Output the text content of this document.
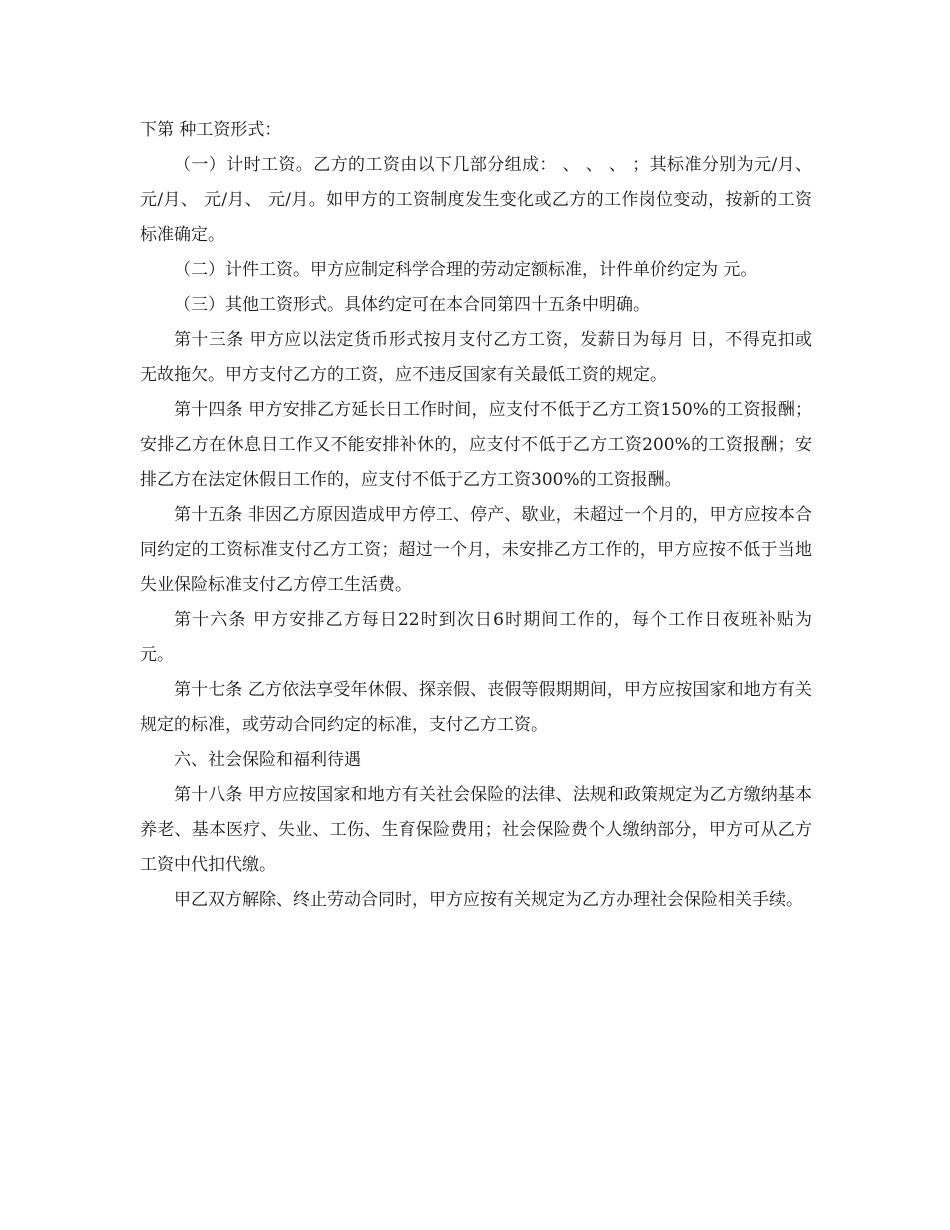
下第 种工资形式：

（一）计时工资。乙方的工资由以下几部分组成： 、 、 、 ；其标准分别为元/月、 元/月、 元/月、 元/月。如甲方的工资制度发生变化或乙方的工作岗位变动，按新的工资标准确定。

（二）计件工资。甲方应制定科学合理的劳动定额标准，计件单价约定为 元。

（三）其他工资形式。具体约定可在本合同第四十五条中明确。

第十三条 甲方应以法定货币形式按月支付乙方工资，发薪日为每月 日，不得克扣或无故拖欠。甲方支付乙方的工资，应不违反国家有关最低工资的规定。

第十四条 甲方安排乙方延长日工作时间，应支付不低于乙方工资150%的工资报酬；安排乙方在休息日工作又不能安排补休的，应支付不低于乙方工资200%的工资报酬；安排乙方在法定休假日工作的，应支付不低于乙方工资300%的工资报酬。

第十五条 非因乙方原因造成甲方停工、停产、歇业，未超过一个月的，甲方应按本合同约定的工资标准支付乙方工资；超过一个月，未安排乙方工作的，甲方应按不低于当地失业保险标准支付乙方停工生活费。

第十六条 甲方安排乙方每日22时到次日6时期间工作的，每个工作日夜班补贴为 元。

第十七条 乙方依法享受年休假、探亲假、丧假等假期期间，甲方应按国家和地方有关规定的标准，或劳动合同约定的标准，支付乙方工资。

六、社会保险和福利待遇

第十八条 甲方应按国家和地方有关社会保险的法律、法规和政策规定为乙方缴纳基本养老、基本医疗、失业、工伤、生育保险费用；社会保险费个人缴纳部分，甲方可从乙方工资中代扣代缴。

甲乙双方解除、终止劳动合同时，甲方应按有关规定为乙方办理社会保险相关手续。
